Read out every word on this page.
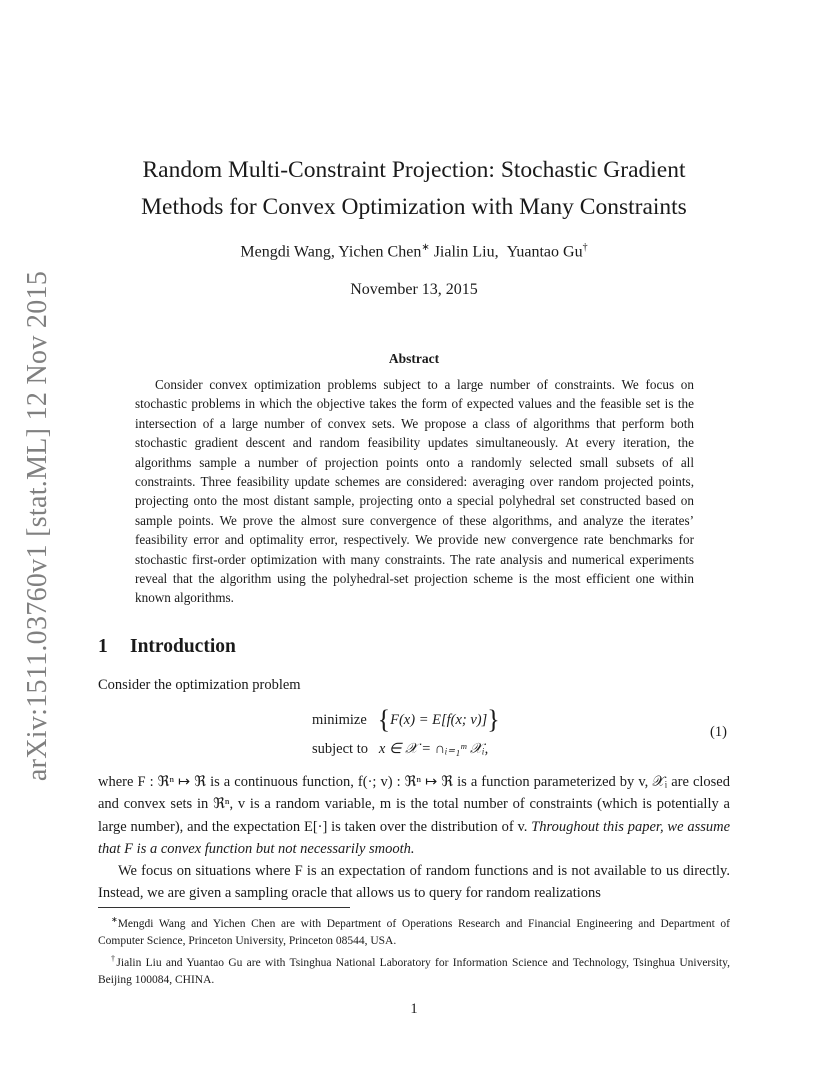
arXiv:1511.03760v1 [stat.ML] 12 Nov 2015
Random Multi-Constraint Projection: Stochastic Gradient
Methods for Convex Optimization with Many Constraints
Mengdi Wang, Yichen Chen∗ Jialin Liu, Yuantao Gu†
November 13, 2015
Abstract

Consider convex optimization problems subject to a large number of constraints. We focus on stochastic problems in which the objective takes the form of expected values and the feasible set is the intersection of a large number of convex sets. We propose a class of algorithms that perform both stochastic gradient descent and random feasibility updates simultaneously. At every iteration, the algorithms sample a number of projection points onto a randomly selected small subsets of all constraints. Three feasibility update schemes are considered: averaging over random projected points, projecting onto the most distant sample, projecting onto a special polyhedral set constructed based on sample points. We prove the almost sure convergence of these algorithms, and analyze the iterates’ feasibility error and optimality error, respectively. We provide new convergence rate benchmarks for stochastic first-order optimization with many constraints. The rate analysis and numerical experiments reveal that the algorithm using the polyhedral-set projection scheme is the most efficient one within known algorithms.

1 Introduction
Consider the optimization problem
minimize {F(x) = E[f(x; v)]}
subject to x ∈ 𝒳 = ∩ᵢ₌₁ᵐ 𝒳ᵢ,
(1)

where F : ℜⁿ ↦ ℜ is a continuous function, f(·; v) : ℜⁿ ↦ ℜ is a function parameterized by v, 𝒳ᵢ are closed and convex sets in ℜⁿ, v is a random variable, m is the total number of constraints (which is potentially a large number), and the expectation E[·] is taken over the distribution of v. Throughout this paper, we assume that F is a convex function but not necessarily smooth.

We focus on situations where F is an expectation of random functions and is not available to us directly. Instead, we are given a sampling oracle that allows us to query for random realizations

∗Mengdi Wang and Yichen Chen are with Department of Operations Research and Financial Engineering and Department of Computer Science, Princeton University, Princeton 08544, USA.

†Jialin Liu and Yuantao Gu are with Tsinghua National Laboratory for Information Science and Technology, Tsinghua University, Beijing 100084, CHINA.

1
